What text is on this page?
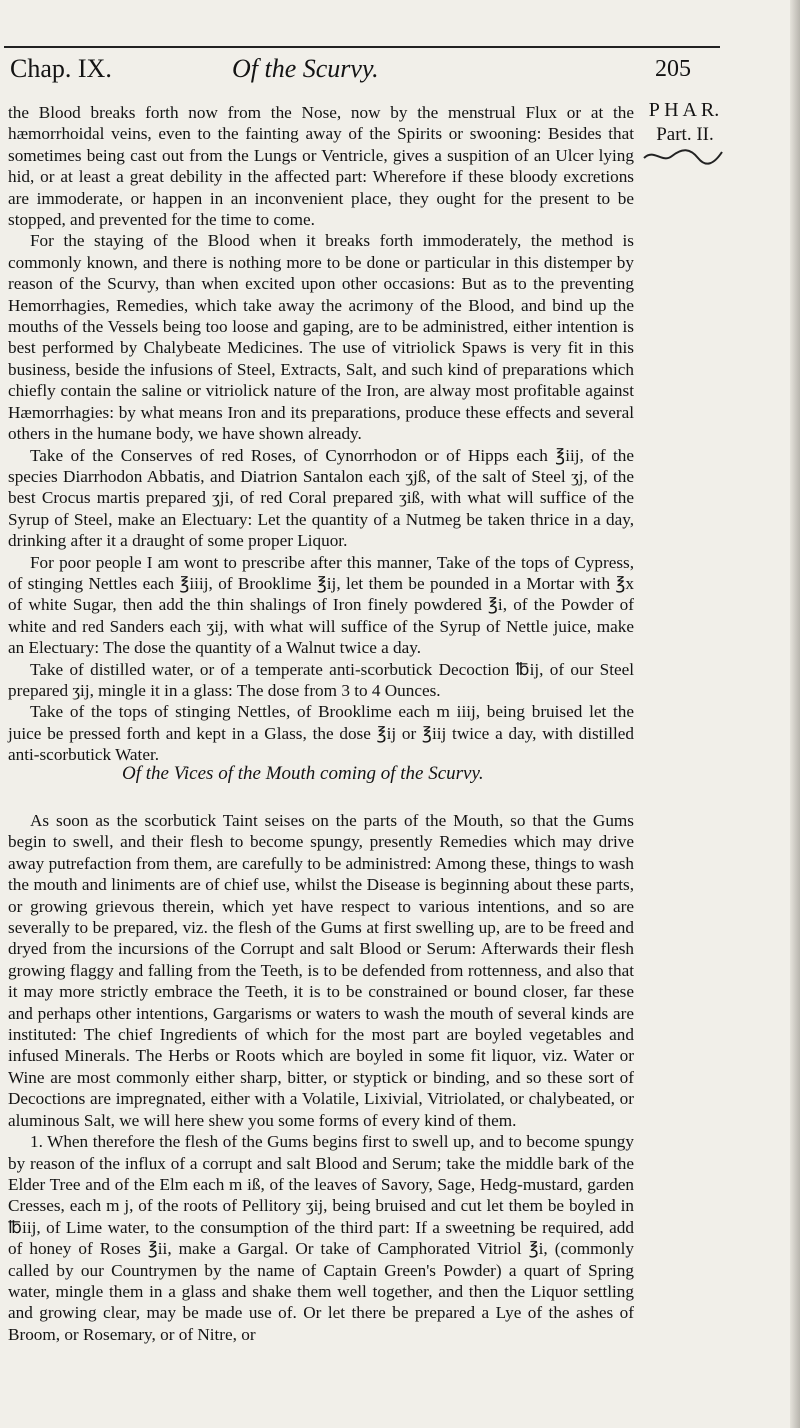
Chap. IX.	Of the Scurvy.	205
P H A R.
Part. II.

the Blood breaks forth now from the Nose, now by the menstrual Flux or at the hæmorrhoidal veins, even to the fainting away of the Spirits or swooning: Besides that sometimes being cast out from the Lungs or Ventricle, gives a suspition of an Ulcer lying hid, or at least a great debility in the affected part: Wherefore if these bloody excretions are immoderate, or happen in an inconvenient place, they ought for the present to be stopped, and prevented for the time to come.

For the staying of the Blood when it breaks forth immoderately, the method is commonly known, and there is nothing more to be done or particular in this distemper by reason of the Scurvy, than when excited upon other occasions: But as to the preventing Hemorrhagies, Remedies, which take away the acrimony of the Blood, and bind up the mouths of the Vessels being too loose and gaping, are to be administred, either intention is best performed by Chalybeate Medicines. The use of vitriolick Spaws is very fit in this business, beside the infusions of Steel, Extracts, Salt, and such kind of preparations which chiefly contain the saline or vitriolick nature of the Iron, are alway most profitable against Hæmorrhagies: by what means Iron and its preparations, produce these effects and several others in the humane body, we have shown already.

Take of the Conserves of red Roses, of Cynorrhodon or of Hipps each ℥iij, of the species Diarrhodon Abbatis, and Diatrion Santalon each ʒjß, of the salt of Steel ʒj, of the best Crocus martis prepared ʒji, of red Coral prepared ʒiß, with what will suffice of the Syrup of Steel, make an Electuary: Let the quantity of a Nutmeg be taken thrice in a day, drinking after it a draught of some proper Liquor.

For poor people I am wont to prescribe after this manner, Take of the tops of Cypress, of stinging Nettles each ℥iiij, of Brooklime ℥ij, let them be pounded in a Mortar with ℥x of white Sugar, then add the thin shalings of Iron finely powdered ℥i, of the Powder of white and red Sanders each ʒij, with what will suffice of the Syrup of Nettle juice, make an Electuary: The dose the quantity of a Walnut twice a day.

Take of distilled water, or of a temperate anti-scorbutick Decoction ℔ij, of our Steel prepared ʒij, mingle it in a glass: The dose from 3 to 4 Ounces.

Take of the tops of stinging Nettles, of Brooklime each m iiij, being bruised let the juice be pressed forth and kept in a Glass, the dose ℥ij or ℥iij twice a day, with distilled anti-scorbutick Water.

Of the Vices of the Mouth coming of the Scurvy.

As soon as the scorbutick Taint seises on the parts of the Mouth, so that the Gums begin to swell, and their flesh to become spungy, presently Remedies which may drive away putrefaction from them, are carefully to be administred: Among these, things to wash the mouth and liniments are of chief use, whilst the Disease is beginning about these parts, or growing grievous therein, which yet have respect to various intentions, and so are severally to be prepared, viz. the flesh of the Gums at first swelling up, are to be freed and dryed from the incursions of the Corrupt and salt Blood or Serum: Afterwards their flesh growing flaggy and falling from the Teeth, is to be defended from rottenness, and also that it may more strictly embrace the Teeth, it is to be constrained or bound closer, far these and perhaps other intentions, Gargarisms or waters to wash the mouth of several kinds are instituted: The chief Ingredients of which for the most part are boyled vegetables and infused Minerals. The Herbs or Roots which are boyled in some fit liquor, viz. Water or Wine are most commonly either sharp, bitter, or styptick or binding, and so these sort of Decoctions are impregnated, either with a Volatile, Lixivial, Vitriolated, or chalybeated, or aluminous Salt, we will here shew you some forms of every kind of them.

1. When therefore the flesh of the Gums begins first to swell up, and to become spungy by reason of the influx of a corrupt and salt Blood and Serum; take the middle bark of the Elder Tree and of the Elm each m iß, of the leaves of Savory, Sage, Hedg-mustard, garden Cresses, each m j, of the roots of Pellitory ʒij, being bruised and cut let them be boyled in ℔iij, of Lime water, to the consumption of the third part: If a sweetning be required, add of honey of Roses ℥ii, make a Gargal. Or take of Camphorated Vitriol ℥i, (commonly called by our Countrymen by the name of Captain Green's Powder) a quart of Spring water, mingle them in a glass and shake them well together, and then the Liquor settling and growing clear, may be made use of. Or let there be prepared a Lye of the ashes of Broom, or Rosemary, or of Nitre, or
